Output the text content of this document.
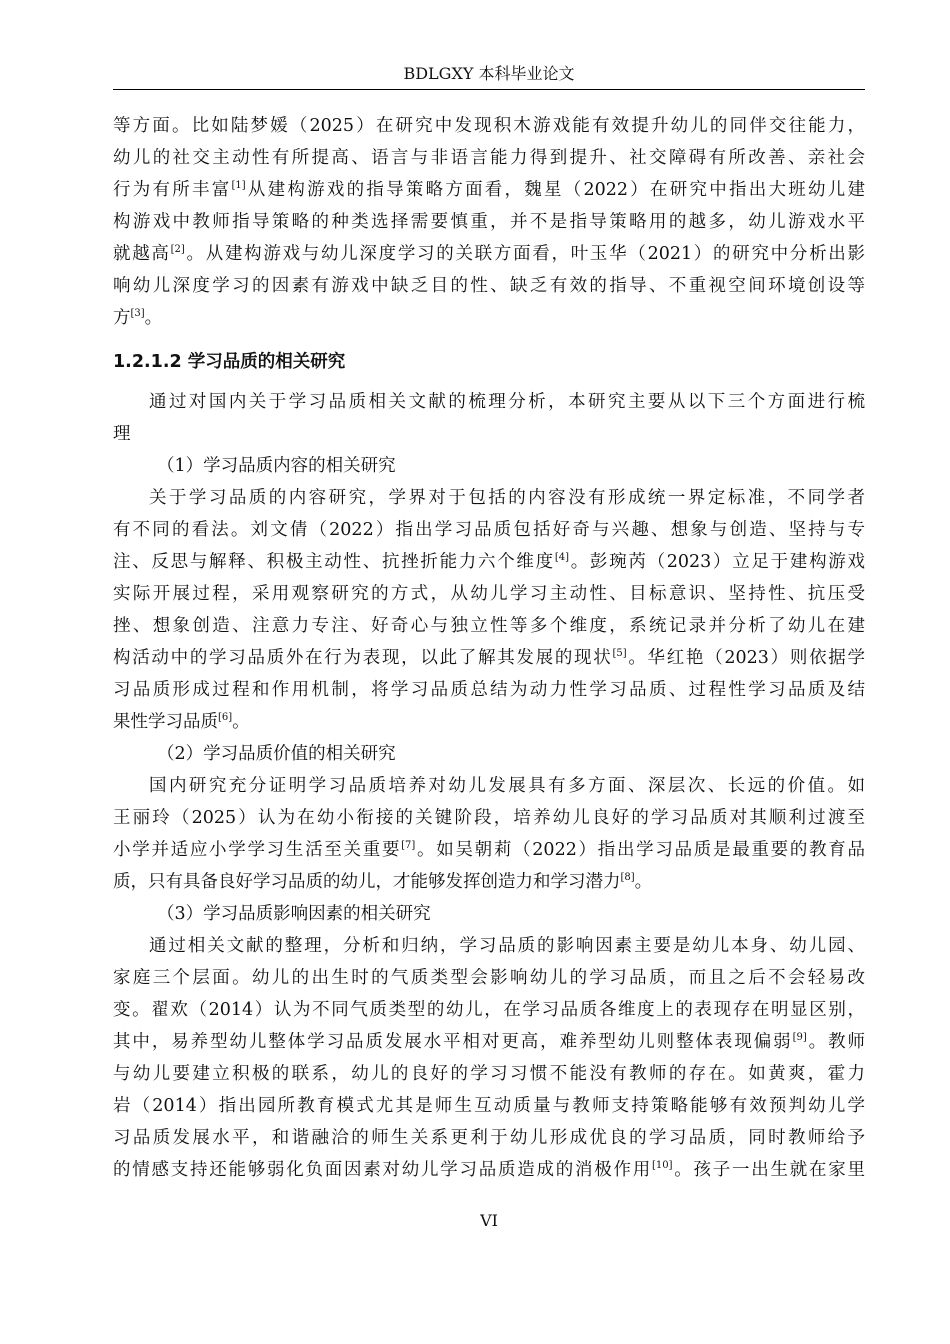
BDLGXY 本科毕业论文
等方面。比如陆梦媛（2025）在研究中发现积木游戏能有效提升幼儿的同伴交往能力，
幼儿的社交主动性有所提高、语言与非语言能力得到提升、社交障碍有所改善、亲社会
行为有所丰富[1]从建构游戏的指导策略方面看，魏星（2022）在研究中指出大班幼儿建
构游戏中教师指导策略的种类选择需要慎重，并不是指导策略用的越多，幼儿游戏水平
就越高[2]。从建构游戏与幼儿深度学习的关联方面看，叶玉华（2021）的研究中分析出影
响幼儿深度学习的因素有游戏中缺乏目的性、缺乏有效的指导、不重视空间环境创设等
方[3]。
1.2.1.2 学习品质的相关研究
通过对国内关于学习品质相关文献的梳理分析，本研究主要从以下三个方面进行梳
理
（1）学习品质内容的相关研究
关于学习品质的内容研究，学界对于包括的内容没有形成统一界定标准，不同学者
有不同的看法。刘文倩（2022）指出学习品质包括好奇与兴趣、想象与创造、坚持与专
注、反思与解释、积极主动性、抗挫折能力六个维度[4]。彭琬芮（2023）立足于建构游戏
实际开展过程，采用观察研究的方式，从幼儿学习主动性、目标意识、坚持性、抗压受
挫、想象创造、注意力专注、好奇心与独立性等多个维度，系统记录并分析了幼儿在建
构活动中的学习品质外在行为表现，以此了解其发展的现状[5]。华红艳（2023）则依据学
习品质形成过程和作用机制，将学习品质总结为动力性学习品质、过程性学习品质及结
果性学习品质[6]。
（2）学习品质价值的相关研究
国内研究充分证明学习品质培养对幼儿发展具有多方面、深层次、长远的价值。如
王丽玲（2025）认为在幼小衔接的关键阶段，培养幼儿良好的学习品质对其顺利过渡至
小学并适应小学学习生活至关重要[7]。如吴朝莉（2022）指出学习品质是最重要的教育品
质，只有具备良好学习品质的幼儿，才能够发挥创造力和学习潜力[8]。
（3）学习品质影响因素的相关研究
通过相关文献的整理，分析和归纳，学习品质的影响因素主要是幼儿本身、幼儿园、
家庭三个层面。幼儿的出生时的气质类型会影响幼儿的学习品质，而且之后不会轻易改
变。翟欢（2014）认为不同气质类型的幼儿，在学习品质各维度上的表现存在明显区别，
其中，易养型幼儿整体学习品质发展水平相对更高，难养型幼儿则整体表现偏弱[9]。教师
与幼儿要建立积极的联系，幼儿的良好的学习习惯不能没有教师的存在。如黄爽，霍力
岩（2014）指出园所教育模式尤其是师生互动质量与教师支持策略能够有效预判幼儿学
习品质发展水平，和谐融洽的师生关系更利于幼儿形成优良的学习品质，同时教师给予
的情感支持还能够弱化负面因素对幼儿学习品质造成的消极作用[10]。孩子一出生就在家里
VI
